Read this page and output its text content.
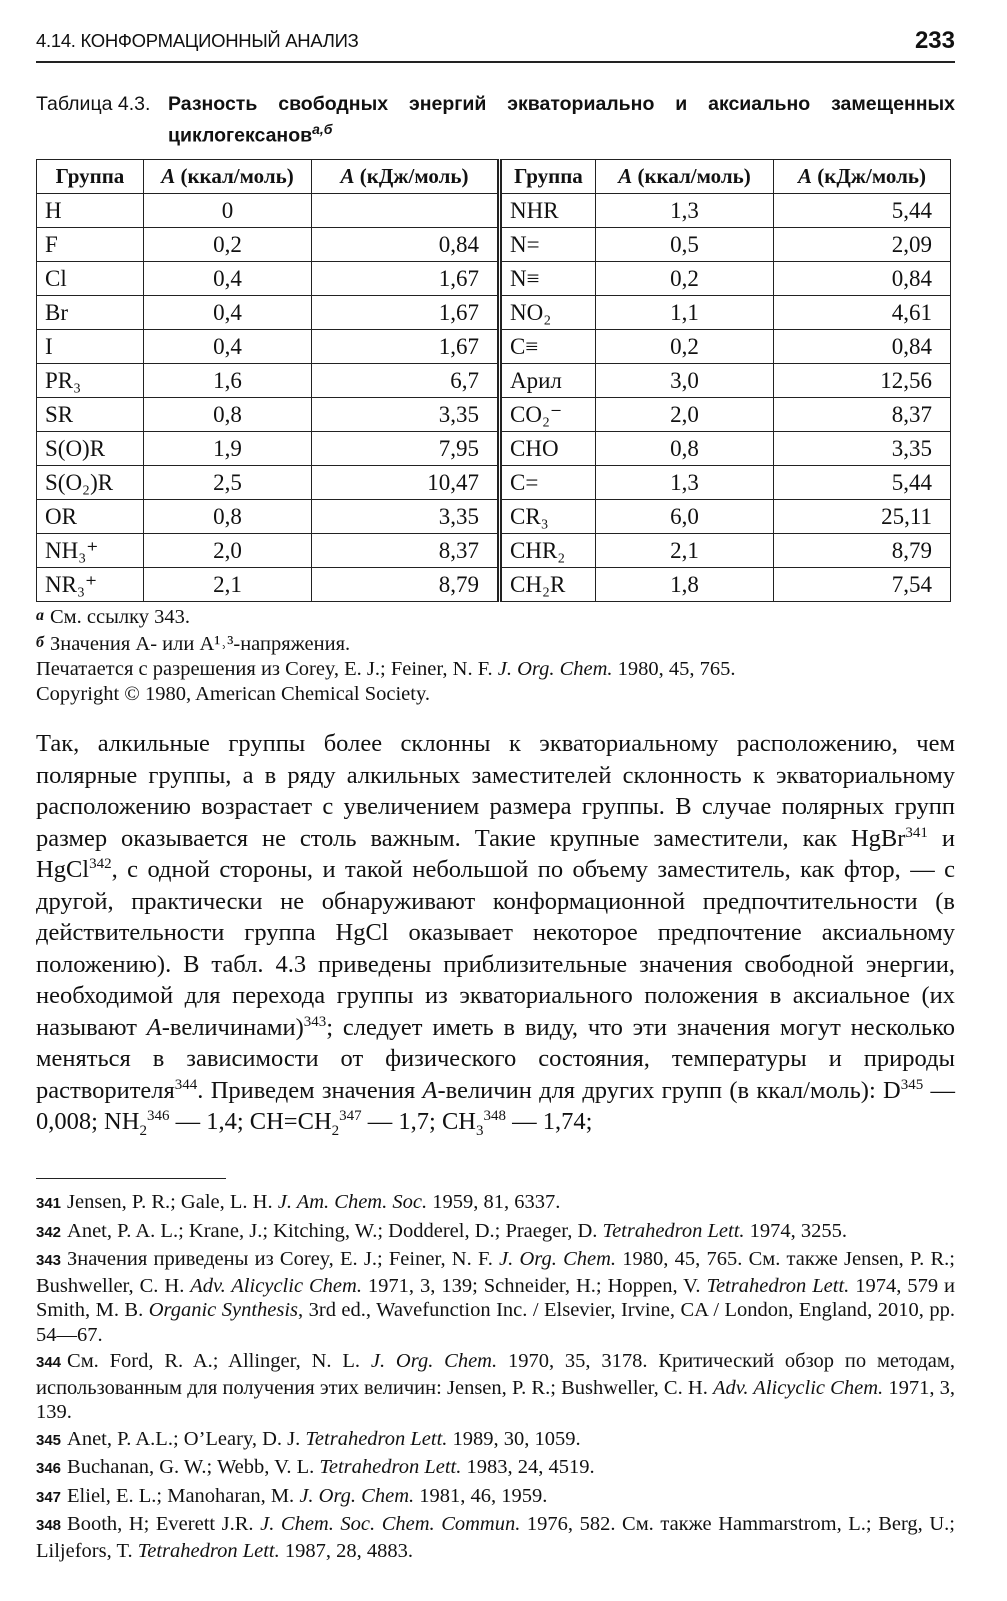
4.14. КОНФОРМАЦИОННЫЙ АНАЛИЗ	233
Таблица 4.3. Разность свободных энергий экваториально и аксиально замещенных циклогексанов$^{а,б}$
Группа	A (ккал/моль)	A (кДж/моль)	Группа	A (ккал/моль)	A (кДж/моль)
H	0		NHR	1,3	5,44
F	0,2	0,84	N=	0,5	2,09
Cl	0,4	1,67	N≡	0,2	0,84
Br	0,4	1,67	NO₂	1,1	4,61
I	0,4	1,67	C≡	0,2	0,84
PR₃	1,6	6,7	Арил	3,0	12,56
SR	0,8	3,35	CO₂⁻	2,0	8,37
S(O)R	1,9	7,95	CHO	0,8	3,35
S(O₂)R	2,5	10,47	C=	1,3	5,44
OR	0,8	3,35	CR₃	6,0	25,11
NH₃⁺	2,0	8,37	CHR₂	2,1	8,79
NR₃⁺	2,1	8,79	CH₂R	1,8	7,54
а См. ссылку 343.
б Значения A- или A¹˒³-напряжения.
Печатается с разрешения из Corey, E. J.; Feiner, N. F. J. Org. Chem. 1980, 45, 765.
Copyright © 1980, American Chemical Society.
Так, алкильные группы более склонны к экваториальному расположению, чем полярные группы, а в ряду алкильных заместителей склонность к экваториальному расположению возрастает с увеличением размера группы. В случае полярных групп размер оказывается не столь важным. Такие крупные заместители, как HgBr$^{341}$ и HgCl$^{342}$, с одной стороны, и такой небольшой по объему заместитель, как фтор, — с другой, практически не обнаруживают конформационной предпочтительности (в действительности группа HgCl оказывает некоторое предпочтение аксиальному положению). В табл. 4.3 приведены приблизительные значения свободной энергии, необходимой для перехода группы из экваториального положения в аксиальное (их называют A-величинами)$^{343}$; следует иметь в виду, что эти значения могут несколько меняться в зависимости от физического состояния, температуры и природы растворителя$^{344}$. Приведем значения A-величин для других групп (в ккал/моль): $D^{345}$ — 0,008; $NH_2^{346}$ — 1,4; $CH=CH_2^{347}$ — 1,7; $CH_3^{348}$ — 1,74;
341 Jensen, P. R.; Gale, L. H. J. Am. Chem. Soc. 1959, 81, 6337.
342 Anet, P. A. L.; Krane, J.; Kitching, W.; Dodderel, D.; Praeger, D. Tetrahedron Lett. 1974, 3255.
343 Значения приведены из Corey, E. J.; Feiner, N. F. J. Org. Chem. 1980, 45, 765. См. также Jensen, P. R.; Bushweller, C. H. Adv. Alicyclic Chem. 1971, 3, 139; Schneider, H.; Hoppen, V. Tetrahedron Lett. 1974, 579 и Smith, M. B. Organic Synthesis, 3rd ed., Wavefunction Inc. / Elsevier, Irvine, CA / London, England, 2010, pp. 54—67.
344 См. Ford, R. A.; Allinger, N. L. J. Org. Chem. 1970, 35, 3178. Критический обзор по методам, использованным для получения этих величин: Jensen, P. R.; Bushweller, C. H. Adv. Alicyclic Chem. 1971, 3, 139.
345 Anet, P. A.L.; O’Leary, D. J. Tetrahedron Lett. 1989, 30, 1059.
346 Buchanan, G. W.; Webb, V. L. Tetrahedron Lett. 1983, 24, 4519.
347 Eliel, E. L.; Manoharan, M. J. Org. Chem. 1981, 46, 1959.
348 Booth, H; Everett J.R. J. Chem. Soc. Chem. Commun. 1976, 582. См. также Hammarstrom, L.; Berg, U.; Liljefors, T. Tetrahedron Lett. 1987, 28, 4883.
